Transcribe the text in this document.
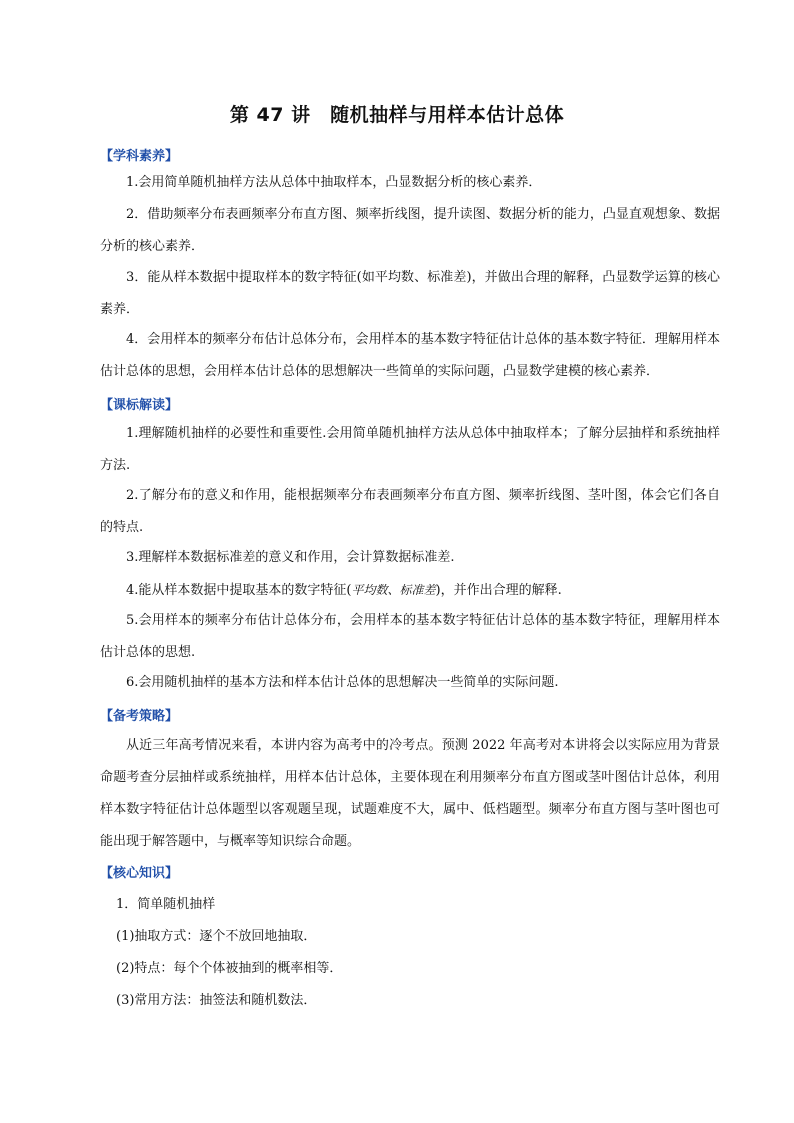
第 47 讲　随机抽样与用样本估计总体
【学科素养】
1.会用简单随机抽样方法从总体中抽取样本，凸显数据分析的核心素养．
2．借助频率分布表画频率分布直方图、频率折线图，提升读图、数据分析的能力，凸显直观想象、数据分析的核心素养．
3．能从样本数据中提取样本的数字特征(如平均数、标准差)，并做出合理的解释，凸显数学运算的核心素养．
4．会用样本的频率分布估计总体分布，会用样本的基本数字特征估计总体的基本数字特征．理解用样本估计总体的思想，会用样本估计总体的思想解决一些简单的实际问题，凸显数学建模的核心素养．
【课标解读】
1.理解随机抽样的必要性和重要性.会用简单随机抽样方法从总体中抽取样本；了解分层抽样和系统抽样方法.
2.了解分布的意义和作用，能根据频率分布表画频率分布直方图、频率折线图、茎叶图，体会它们各自的特点.
3.理解样本数据标准差的意义和作用，会计算数据标准差.
4.能从样本数据中提取基本的数字特征(平均数、标准差)，并作出合理的解释.
5.会用样本的频率分布估计总体分布，会用样本的基本数字特征估计总体的基本数字特征，理解用样本估计总体的思想.
6.会用随机抽样的基本方法和样本估计总体的思想解决一些简单的实际问题.
【备考策略】
从近三年高考情况来看，本讲内容为高考中的冷考点。预测 2022 年高考对本讲将会以实际应用为背景命题考查分层抽样或系统抽样，用样本估计总体，主要体现在利用频率分布直方图或茎叶图估计总体，利用样本数字特征估计总体题型以客观题呈现，试题难度不大，属中、低档题型。频率分布直方图与茎叶图也可能出现于解答题中，与概率等知识综合命题。
【核心知识】
1．简单随机抽样
(1)抽取方式：逐个不放回地抽取．
(2)特点：每个个体被抽到的概率相等．
(3)常用方法：抽签法和随机数法．
